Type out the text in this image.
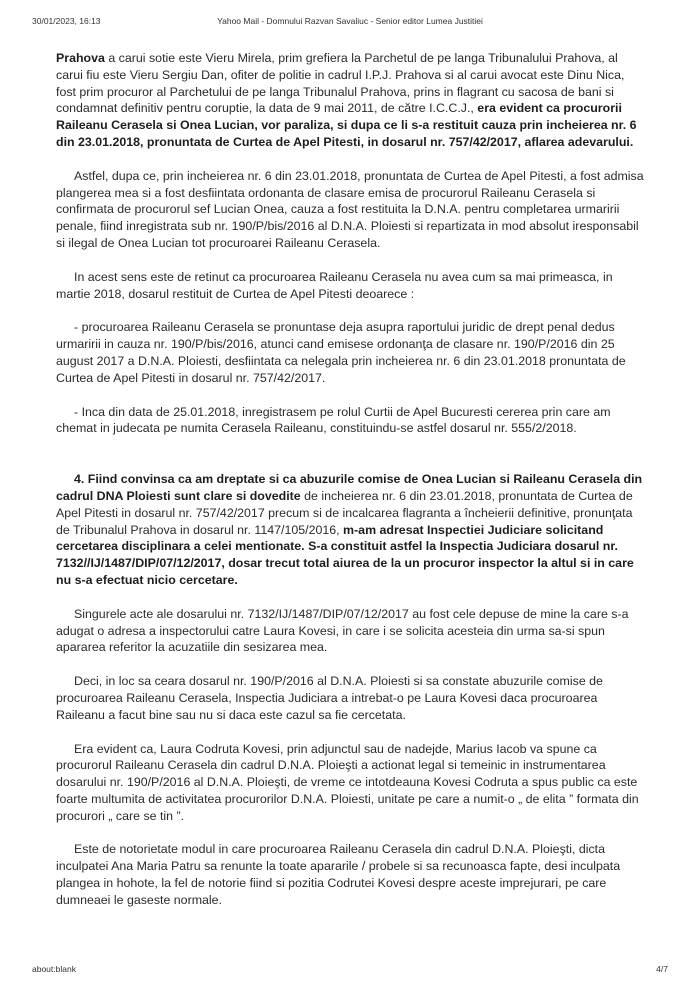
30/01/2023, 16:13	Yahoo Mail - Domnului Razvan Savaliuc - Senior editor Lumea Justitiei

Prahova a carui sotie este Vieru Mirela, prim grefiera la Parchetul de pe langa Tribunalului Prahova, al carui fiu este Vieru Sergiu Dan, ofiter de politie in cadrul I.P.J. Prahova si al carui avocat este Dinu Nica, fost prim procuror al Parchetului de pe langa Tribunalul Prahova, prins in flagrant cu sacosa de bani si condamnat definitiv pentru coruptie, la data de 9 mai 2011, de către I.C.C.J., era evident ca procurorii Raileanu Cerasela si Onea Lucian, vor paraliza, si dupa ce li s-a restituit cauza prin incheierea nr. 6 din 23.01.2018, pronuntata de Curtea de Apel Pitesti, in dosarul nr. 757/42/2017, aflarea adevarului.

Astfel, dupa ce, prin incheierea nr. 6 din 23.01.2018, pronuntata de Curtea de Apel Pitesti, a fost admisa plangerea mea si a fost desfiintata ordonanta de clasare emisa de procurorul Raileanu Cerasela si confirmata de procurorul sef Lucian Onea, cauza a fost restituita la D.N.A. pentru completarea urmaririi penale, fiind inregistrata sub nr. 190/P/bis/2016 al D.N.A. Ploiesti si repartizata in mod absolut iresponsabil si ilegal de Onea Lucian tot procuroarei Raileanu Cerasela.

In acest sens este de retinut ca procuroarea Raileanu Cerasela nu avea cum sa mai primeasca, in martie 2018, dosarul restituit de Curtea de Apel Pitesti deoarece :

- procuroarea Raileanu Cerasela se pronuntase deja asupra raportului juridic de drept penal dedus urmaririi in cauza nr. 190/P/bis/2016, atunci cand emisese ordonanţa de clasare nr. 190/P/2016 din 25 august 2017 a D.N.A. Ploiesti, desfiintata ca nelegala prin incheierea nr. 6 din 23.01.2018 pronuntata de Curtea de Apel Pitesti in dosarul nr. 757/42/2017.

- Inca din data de 25.01.2018, inregistrasem pe rolul Curtii de Apel Bucuresti cererea prin care am chemat in judecata pe numita Cerasela Raileanu, constituindu-se astfel dosarul nr. 555/2/2018.

4. Fiind convinsa ca am dreptate si ca abuzurile comise de Onea Lucian si Raileanu Cerasela din cadrul DNA Ploiesti sunt clare si dovedite de incheierea nr. 6 din 23.01.2018, pronuntata de Curtea de Apel Pitesti in dosarul nr. 757/42/2017 precum si de incalcarea flagranta a încheierii definitive, pronunţata de Tribunalul Prahova in dosarul nr. 1147/105/2016, m-am adresat Inspectiei Judiciare solicitand cercetarea disciplinara a celei mentionate. S-a constituit astfel la Inspectia Judiciara dosarul nr. 7132//IJ/1487/DIP/07/12/2017, dosar trecut total aiurea de la un procuror inspector la altul si in care nu s-a efectuat nicio cercetare.

Singurele acte ale dosarului nr. 7132/IJ/1487/DIP/07/12/2017 au fost cele depuse de mine la care s-a adugat o adresa a inspectorului catre Laura Kovesi, in care i se solicita acesteia din urma sa-si spun apararea referitor la acuzatiile din sesizarea mea.

Deci, in loc sa ceara dosarul nr. 190/P/2016 al D.N.A. Ploiesti si sa constate abuzurile comise de procuroarea Raileanu Cerasela, Inspectia Judiciara a intrebat-o pe Laura Kovesi daca procuroarea Raileanu a facut bine sau nu si daca este cazul sa fie cercetata.

Era evident ca, Laura Codruta Kovesi, prin adjunctul sau de nadejde, Marius Iacob va spune ca procurorul Raileanu Cerasela din cadrul D.N.A. Ploieşti a actionat legal si temeinic in instrumentarea dosarului nr. 190/P/2016 al D.N.A. Ploieşti, de vreme ce intotdeauna Kovesi Codruta a spus public ca este foarte multumita de activitatea procurorilor D.N.A. Ploiesti, unitate pe care a numit-o „ de elita ” formata din procurori „ care se tin ”.

Este de notorietate modul in care procuroarea Raileanu Cerasela din cadrul D.N.A. Ploieşti, dicta inculpatei Ana Maria Patru sa renunte la toate apararile / probele si sa recunoasca fapte, desi inculpata plangea in hohote, la fel de notorie fiind si pozitia Codrutei Kovesi despre aceste imprejurari, pe care dumneaei le gaseste normale.

about:blank	4/7
